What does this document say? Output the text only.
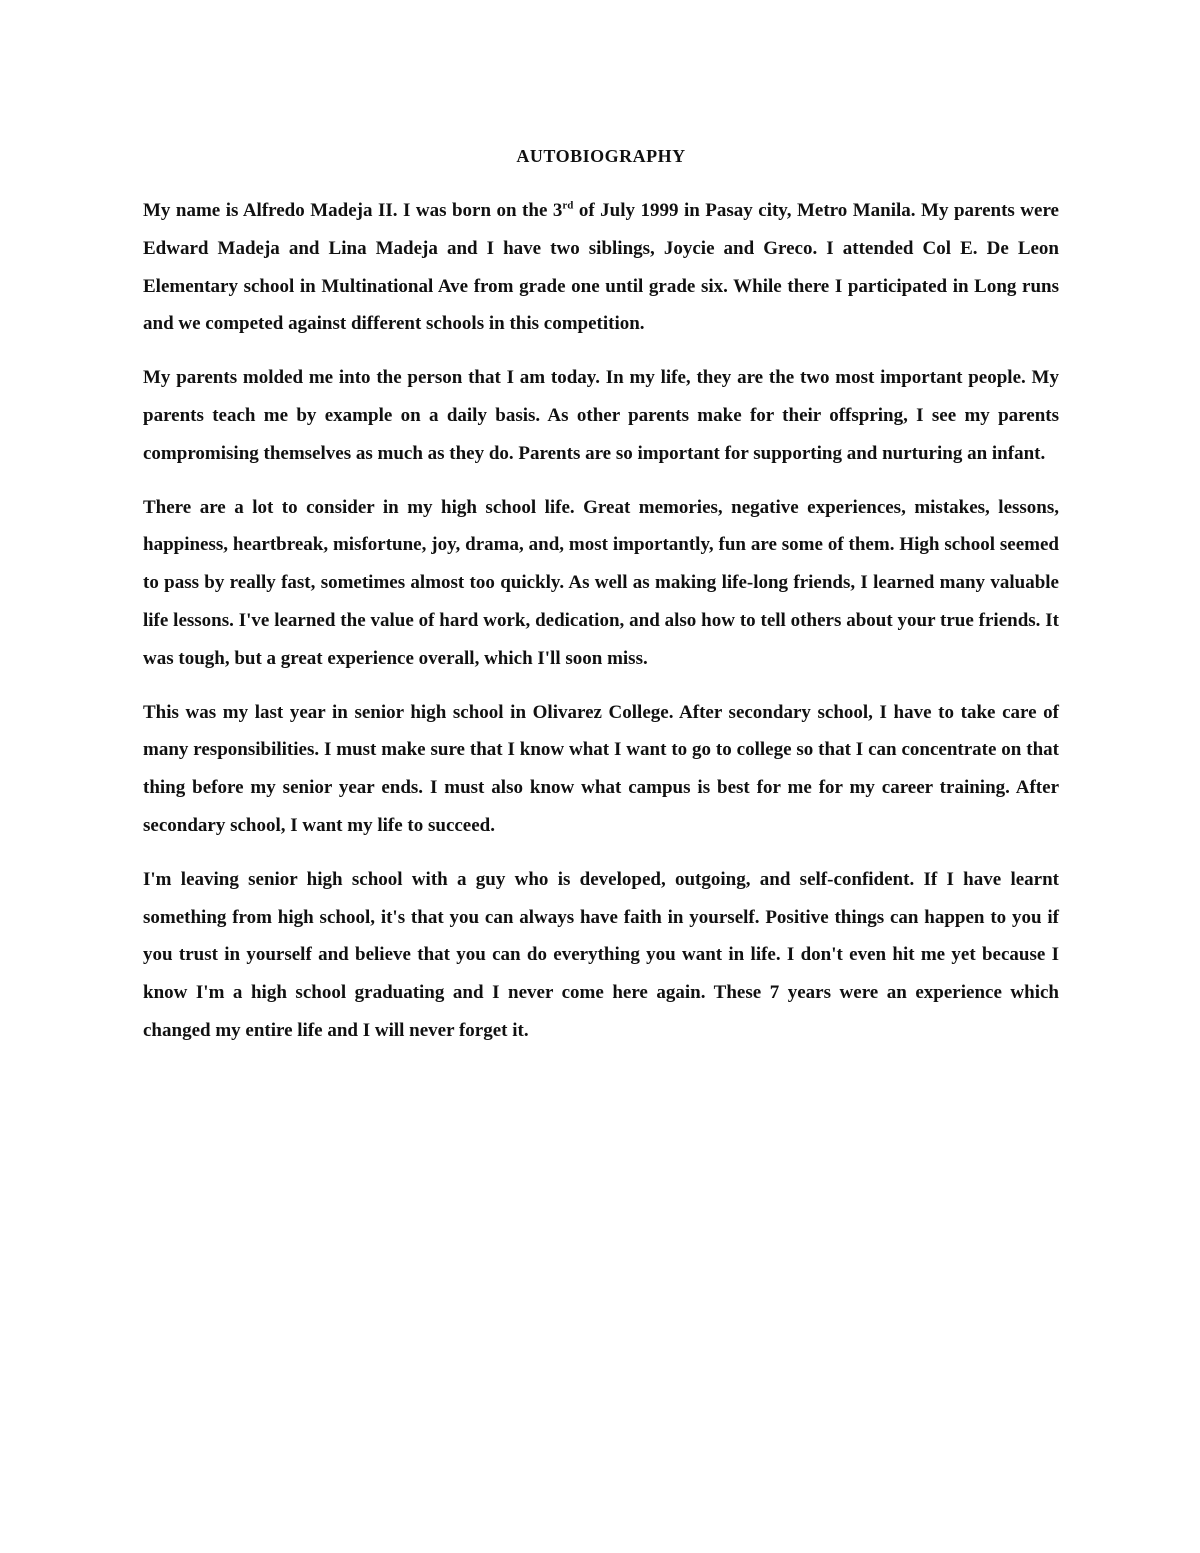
AUTOBIOGRAPHY

My name is Alfredo Madeja II. I was born on the 3rd of July 1999 in Pasay city, Metro Manila. My parents were Edward Madeja and Lina Madeja and I have two siblings, Joycie and Greco. I attended Col E. De Leon Elementary school in Multinational Ave from grade one until grade six. While there I participated in Long runs and we competed against different schools in this competition.

My parents molded me into the person that I am today. In my life, they are the two most important people. My parents teach me by example on a daily basis. As other parents make for their offspring, I see my parents compromising themselves as much as they do. Parents are so important for supporting and nurturing an infant.

There are a lot to consider in my high school life. Great memories, negative experiences, mistakes, lessons, happiness, heartbreak, misfortune, joy, drama, and, most importantly, fun are some of them. High school seemed to pass by really fast, sometimes almost too quickly. As well as making life-long friends, I learned many valuable life lessons. I've learned the value of hard work, dedication, and also how to tell others about your true friends. It was tough, but a great experience overall, which I'll soon miss.

This was my last year in senior high school in Olivarez College. After secondary school, I have to take care of many responsibilities. I must make sure that I know what I want to go to college so that I can concentrate on that thing before my senior year ends. I must also know what campus is best for me for my career training. After secondary school, I want my life to succeed.

I'm leaving senior high school with a guy who is developed, outgoing, and self-confident. If I have learnt something from high school, it's that you can always have faith in yourself. Positive things can happen to you if you trust in yourself and believe that you can do everything you want in life. I don't even hit me yet because I know I'm a high school graduating and I never come here again. These 7 years were an experience which changed my entire life and I will never forget it.
